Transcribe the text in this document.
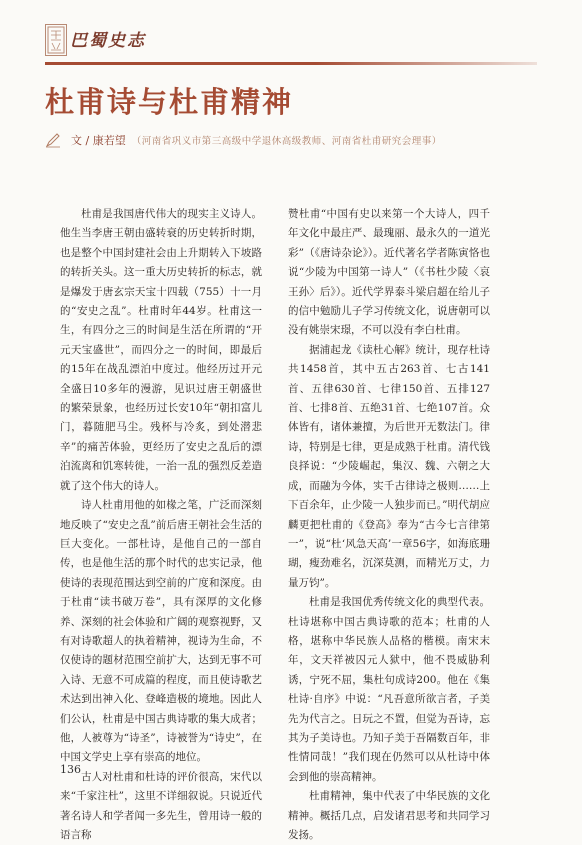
巴蜀史志
杜甫诗与杜甫精神
文 / 康若望 （河南省巩义市第三高级中学退休高级教师、河南省杜甫研究会理事）

杜甫是我国唐代伟大的现实主义诗人。他生当李唐王朝由盛转衰的历史转折时期，也是整个中国封建社会由上升期转入下坡路的转折关头。这一重大历史转折的标志，就是爆发于唐玄宗天宝十四载（755）十一月的“安史之乱”。杜甫时年44岁。杜甫这一生，有四分之三的时间是生活在所谓的“开元天宝盛世”，而四分之一的时间，即最后的15年在战乱漂泊中度过。他经历过开元全盛日10多年的漫游，见识过唐王朝盛世的繁荣景象，也经历过长安10年“朝扣富儿门，暮随肥马尘。残杯与冷炙，到处潜悲辛”的痛苦体验，更经历了安史之乱后的漂泊流离和饥寒转徙，一治一乱的强烈反差造就了这个伟大的诗人。

诗人杜甫用他的如椽之笔，广泛而深刻地反映了“安史之乱”前后唐王朝社会生活的巨大变化。一部杜诗，是他自己的一部自传，也是他生活的那个时代的忠实记录，他使诗的表现范围达到空前的广度和深度。由于杜甫“读书破万卷”，具有深厚的文化修养、深刻的社会体验和广阔的观察视野，又有对诗歌超人的执着精神，视诗为生命，不仅使诗的题材范围空前扩大，达到无事不可入诗、无意不可成篇的程度，而且使诗歌艺术达到出神入化、登峰造极的境地。因此人们公认，杜甫是中国古典诗歌的集大成者；他，人被尊为“诗圣”，诗被誉为“诗史”，在中国文学史上享有崇高的地位。

古人对杜甫和杜诗的评价很高，宋代以来“千家注杜”，这里不详细叙说。只说近代著名诗人和学者闻一多先生，曾用诗一般的语言称

赞杜甫“中国有史以来第一个大诗人，四千年文化中最庄严、最瑰丽、最永久的一道光彩”（《唐诗杂论》）。近代著名学者陈寅恪也说“少陵为中国第一诗人”（《书杜少陵〈哀王孙〉后》）。近代学界泰斗梁启超在给儿子的信中勉励儿子学习传统文化，说唐朝可以没有姚崇宋璟，不可以没有李白杜甫。

据浦起龙《读杜心解》统计，现存杜诗共1458首，其中五古263首、七古141首、五律630首、七律150首、五排127首、七排8首、五绝31首、七绝107首。众体皆有，诸体兼擅，为后世开无数法门。律诗，特别是七律，更是成熟于杜甫。清代钱良择说：“少陵崛起，集汉、魏、六朝之大成，而融为今体，实千古律诗之极则……上下百余年，止少陵一人独步而已。”明代胡应麟更把杜甫的《登高》奉为“古今七言律第一”，说“杜‘风急天高’一章56字，如海底珊瑚，瘦劲难名，沉深莫测，而精光万丈，力量万钧”。

杜甫是我国优秀传统文化的典型代表。杜诗堪称中国古典诗歌的范本；杜甫的人格，堪称中华民族人品格的楷模。南宋末年，文天祥被囚元人狱中，他不畏威胁利诱，宁死不屈，集杜句成诗200。他在《集杜诗·自序》中说：“凡吾意所欲言者，子美先为代言之。日玩之不置，但觉为吾诗，忘其为子美诗也。乃知子美于吾隔数百年，非性情同哉！”我们现在仍然可以从杜诗中体会到他的崇高精神。

杜甫精神，集中代表了中华民族的文化精神。概括几点，启发诸君思考和共同学习发扬。

136
